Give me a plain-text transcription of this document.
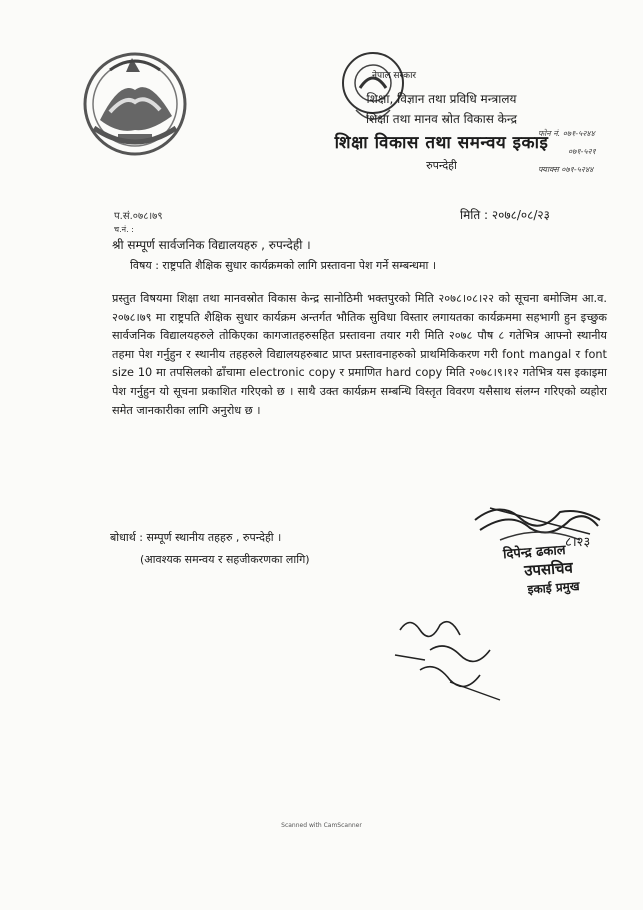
नेपाल सरकार
शिक्षा, विज्ञान तथा प्रविधि मन्त्रालय
शिक्षा तथा मानव स्रोत विकास केन्द्र
शिक्षा विकास तथा समन्वय इकाइ
रुपन्देही
फोन नं. ०७१-५२४४
०७१-५२१
फ्याक्स ०७१-५२४४
प.सं.०७८।७९
च.नं. :
मिति : २०७८/०८/२३
श्री सम्पूर्ण सार्वजनिक विद्यालयहरु , रुपन्देही ।
विषय : राष्ट्रपति शैक्षिक सुधार कार्यक्रमको लागि प्रस्तावना पेश गर्ने सम्बन्धमा ।
प्रस्तुत विषयमा शिक्षा तथा मानवस्रोत विकास केन्द्र सानोठिमी भक्तपुरको मिति २०७८।०८।२२ को सूचना बमोजिम आ.व. २०७८।७९ मा राष्ट्रपति शैक्षिक सुधार कार्यक्रम अन्तर्गत भौतिक सुविधा विस्तार लगायतका कार्यक्रममा सहभागी हुन इच्छुक सार्वजनिक विद्यालयहरुले तोकिएका कागजातहरुसहित प्रस्तावना तयार गरी मिति २०७८ पौष ८ गतेभित्र आफ्नो स्थानीय तहमा पेश गर्नुहुन र स्थानीय तहहरुले विद्यालयहरुबाट प्राप्त प्रस्तावनाहरुको प्राथमिकिकरण गरी font mangal र font size 10 मा तपसिलको ढाँचामा electronic copy र प्रमाणित hard copy मिति २०७८।९।१२ गतेभित्र यस इकाइमा पेश गर्नुहुन यो सूचना प्रकाशित गरिएको छ । साथै उक्त कार्यक्रम सम्बन्धि विस्तृत विवरण यसैसाथ संलग्न गरिएको व्यहोरा समेत जानकारीका लागि अनुरोध छ ।
बोधार्थ : सम्पूर्ण स्थानीय तहहरु , रुपन्देही ।
(आवश्यक समन्वय र सहजीकरणका लागि)	दिपेन्द्र ढकाल
उपसचिव
इकाई प्रमुख
८।२३
Scanned with CamScanner
